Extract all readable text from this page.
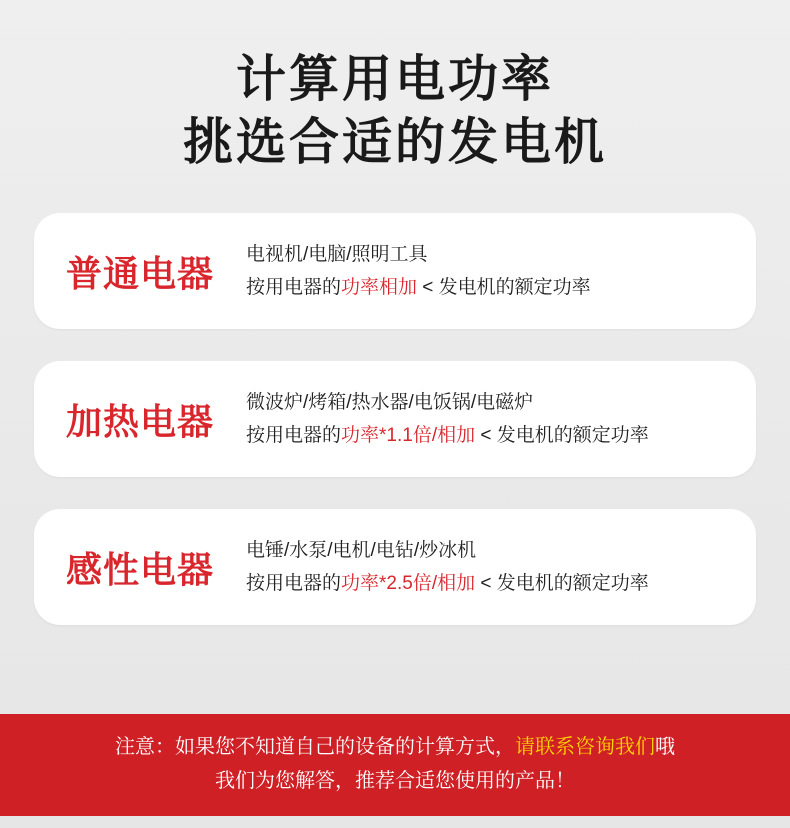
计算用电功率
挑选合适的发电机
普通电器	电视机/电脑/照明工具
按用电器的功率相加 < 发电机的额定功率
加热电器	微波炉/烤箱/热水器/电饭锅/电磁炉
按用电器的功率*1.1倍/相加 < 发电机的额定功率
感性电器	电锤/水泵/电机/电钻/炒冰机
按用电器的功率*2.5倍/相加 < 发电机的额定功率
注意：如果您不知道自己的设备的计算方式，请联系咨询我们哦
我们为您解答，推荐合适您使用的产品！
